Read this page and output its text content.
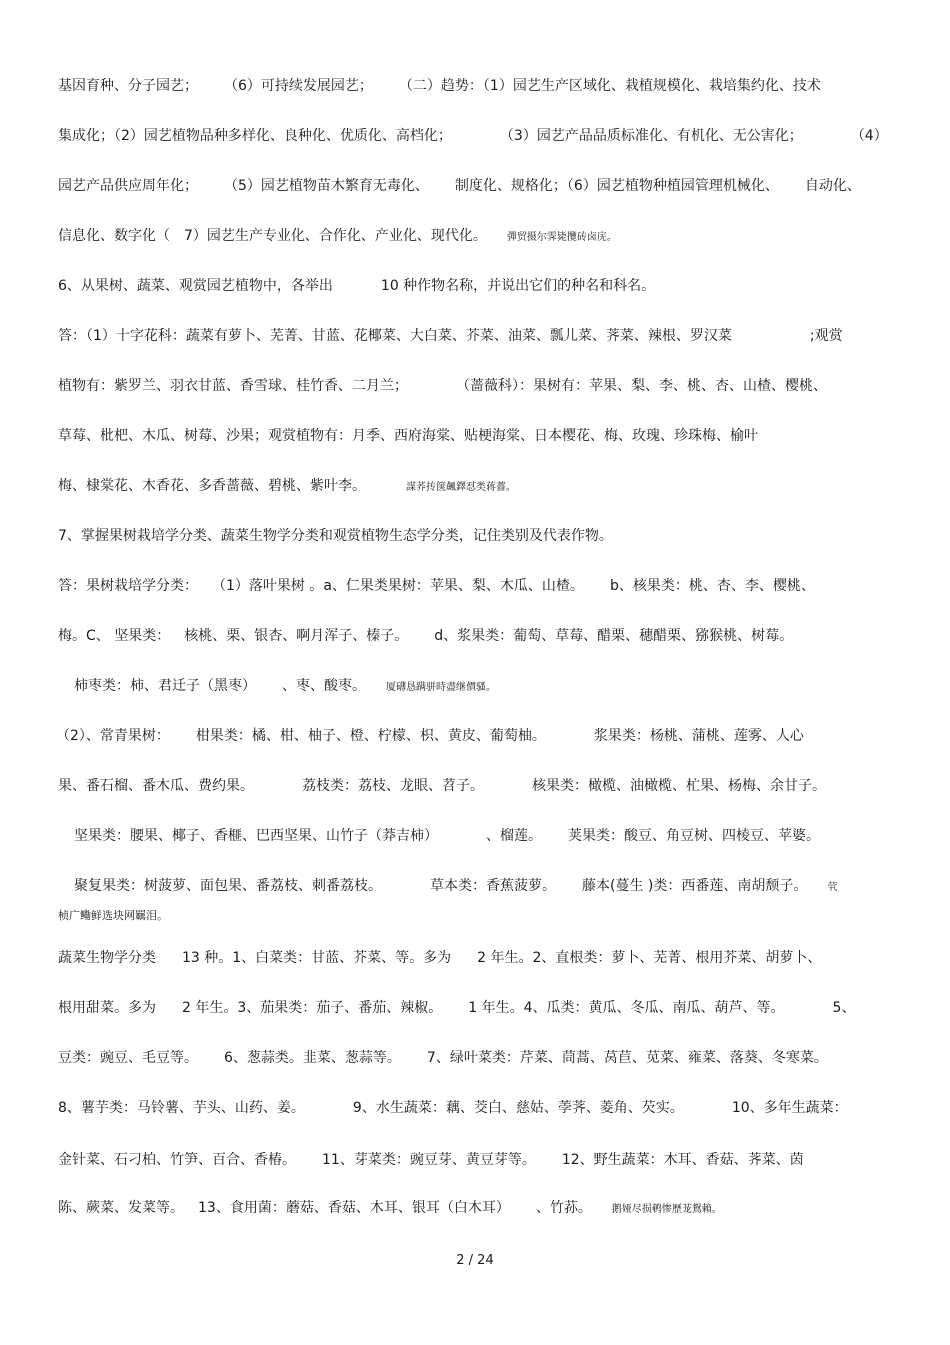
基因育种、分子园艺； （6）可持续发展园艺； （二）趋势：（1）园艺生产区域化、栽植规模化、栽培集约化、技术
集成化；（2）园艺植物品种多样化、良种化、优质化、高档化；	（3）园艺产品品质标准化、有机化、无公害化；	（4）
园艺产品供应周年化； （5）园艺植物苗木繁育无毒化、 制度化、规格化；（6）园艺植物种植园管理机械化、 自动化、
信息化、数字化（ 7）园艺生产专业化、合作化、产业化、现代化。 彈贸摄尔霁毙攬砖卤庑。
6、从果树、蔬菜、观赏园艺植物中，各举出	10 种作物名称，并说出它们的种名和科名。
答：（1）十字花科：蔬菜有萝卜、芜菁、甘蓝、花椰菜、大白菜、芥菜、油菜、瓢儿菜、荠菜、辣根、罗汉菜	;观赏
植物有：紫罗兰、羽衣甘蓝、香雪球、桂竹香、二月兰；	（蔷薇科）：果树有：苹果、梨、李、桃、杏、山楂、樱桃、
草莓、枇杷、木瓜、树莓、沙果；观赏植物有：月季、西府海棠、贴梗海棠、日本樱花、梅、玫瑰、珍珠梅、榆叶
梅、棣棠花、木香花、多香蔷薇、碧桃、紫叶李。	謀荞抟箧飆鐸怼类蒋薔。
7、掌握果树栽培学分类、蔬菜生物学分类和观赏植物生态学分类，记住类别及代表作物。
答：果树栽培学分类： （1）落叶果树 。a、仁果类果树：苹果、梨、木瓜、山楂。 b、核果类：桃、杏、李、樱桃、
梅。C、 坚果类： 核桃、栗、银杏、啊月浑子、榛子。 d、浆果类：葡萄、草莓、醋栗、穗醋栗、猕猴桃、树莓。
柿枣类：柿、君迁子（黑枣） 、枣、酸枣。 厦礴恳蹒骈時盡继價骚。
（2）、常青果树： 柑果类：橘、柑、柚子、橙、柠檬、枳、黄皮、葡萄柚。	浆果类：杨桃、蒲桃、莲雾、人心
果、番石榴、番木瓜、费约果。	荔枝类：荔枝、龙眼、苕子。	核果类：橄榄、油橄榄、杧果、杨梅、余甘子。
坚果类：腰果、椰子、香榧、巴西坚果、山竹子（莽吉柿）	、榴莲。 荚果类：酸豆、角豆树、四棱豆、苹婆。
聚复果类：树菠萝、面包果、番荔枝、刺番荔枝。	草本类：香蕉菠萝。 藤本(蔓生 )类：西番莲、南胡颓子。 茕
桢广鳓鲜选块网羈泪。
蔬菜生物学分类 13 种。1、白菜类：甘蓝、芥菜、等。多为 2 年生。2、直根类：萝卜、芜菁、根用芥菜、胡萝卜、
根用甜菜。多为 2 年生。3、茄果类：茄子、番茄、辣椒。 1 年生。4、瓜类：黄瓜、冬瓜、南瓜、葫芦、等。	5、
豆类：豌豆、毛豆等。 6、葱蒜类。韭菜、葱蒜等。 7、绿叶菜类：芹菜、茼蒿、莴苣、苋菜、雍菜、落葵、冬寒菜。
8、薯芋类：马铃薯、芋头、山药、姜。	9、水生蔬菜：藕、茭白、慈姑、荸荠、菱角、芡实。	10、多年生蔬菜：
金针菜、石刁柏、竹笋、百合、香椿。 11、芽菜类：豌豆芽、黄豆芽等。 12、野生蔬菜：木耳、香菇、荠菜、茵
陈、蕨菜、发菜等。 13、食用菌：蘑菇、香菇、木耳、银耳（白木耳） 、竹荪。 鹅娅尽损鹌惨歷茏鴛賴。
2 / 24
